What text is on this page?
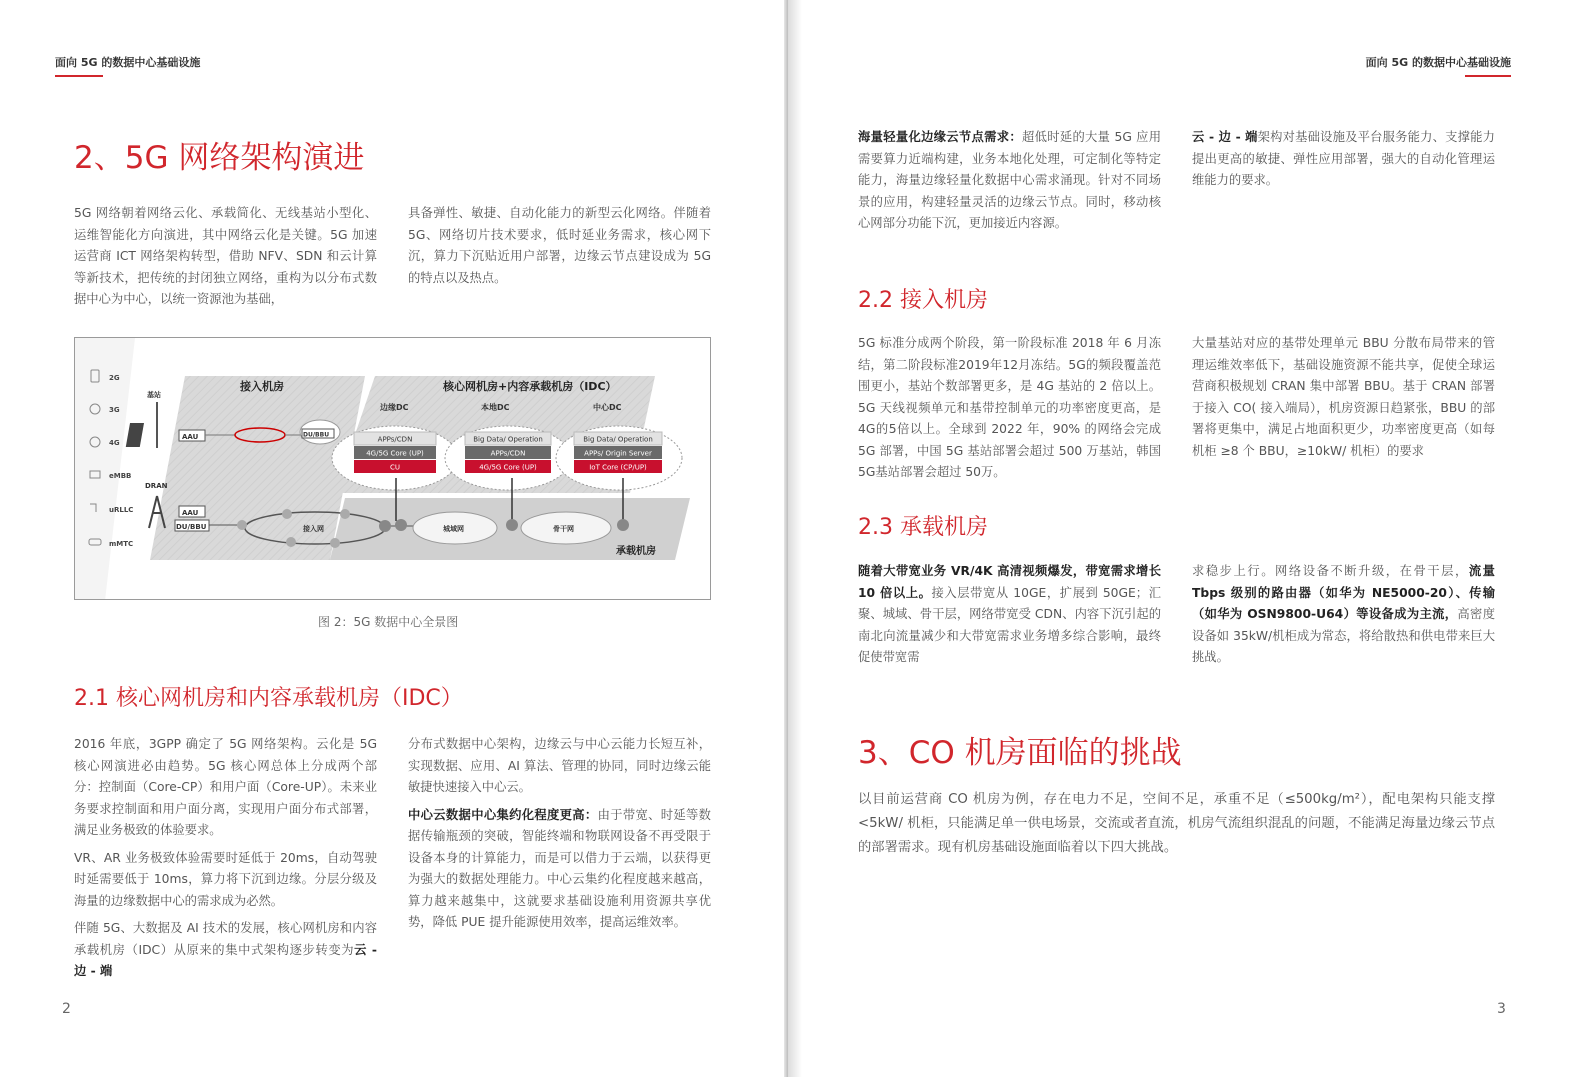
面向 5G 的数据中心基础设施
2、5G 网络架构演进

5G 网络朝着网络云化、承载简化、无线基站小型化、运维智能化方向演进，其中网络云化是关键。5G 加速运营商 ICT 网络架构转型，借助 NFV、SDN 和云计算等新技术，把传统的封闭独立网络，重构为以分布式数据中心为中心，以统一资源池为基础，

具备弹性、敏捷、自动化能力的新型云化网络。伴随着 5G、网络切片技术要求，低时延业务需求，核心网下沉，算力下沉贴近用户部署，边缘云节点建设成为 5G 的特点以及热点。

2G
3G
4G
eMBB
uRLLC
mMTC
基站
DRAN
AAU
AAU
DU/BBU
接入机房
DU/BBU
核心网机房+内容承载机房（IDC）
边缘DC	本地DC	中心DC
APPs/CDN
4G/5G Core (UP)
CU
Big Data/ Operation
APPs/CDN
4G/5G Core (UP)
Big Data/ Operation
APPs/ Origin Server
IoT Core (CP/UP)
接入网	城域网	骨干网
承载机房
图 2：5G 数据中心全景图
2.1 核心网机房和内容承载机房（IDC）

2016 年底，3GPP 确定了 5G 网络架构。云化是 5G 核心网演进必由趋势。5G 核心网总体上分成两个部分：控制面（Core-CP）和用户面（Core-UP）。未来业务要求控制面和用户面分离，实现用户面分布式部署，满足业务极致的体验要求。

VR、AR 业务极致体验需要时延低于 20ms，自动驾驶时延需要低于 10ms，算力将下沉到边缘。分层分级及海量的边缘数据中心的需求成为必然。

伴随 5G、大数据及 AI 技术的发展，核心网机房和内容承载机房（IDC）从原来的集中式架构逐步转变为云 - 边 - 端

分布式数据中心架构，边缘云与中心云能力长短互补，实现数据、应用、AI 算法、管理的协同，同时边缘云能敏捷快速接入中心云。

中心云数据中心集约化程度更高：由于带宽、时延等数据传输瓶颈的突破，智能终端和物联网设备不再受限于设备本身的计算能力，而是可以借力于云端，以获得更为强大的数据处理能力。中心云集约化程度越来越高，算力越来越集中，这就要求基础设施利用资源共享优势，降低 PUE 提升能源使用效率，提高运维效率。

2
面向 5G 的数据中心基础设施

海量轻量化边缘云节点需求：超低时延的大量 5G 应用需要算力近端构建，业务本地化处理，可定制化等特定能力，海量边缘轻量化数据中心需求涌现。针对不同场景的应用，构建轻量灵活的边缘云节点。同时，移动核心网部分功能下沉，更加接近内容源。

云 - 边 - 端架构对基础设施及平台服务能力、支撑能力提出更高的敏捷、弹性应用部署，强大的自动化管理运维能力的要求。

2.2 接入机房

5G 标准分成两个阶段，第一阶段标准 2018 年 6 月冻结，第二阶段标准2019年12月冻结。5G的频段覆盖范围更小，基站个数部署更多，是 4G 基站的 2 倍以上。5G 天线视频单元和基带控制单元的功率密度更高，是4G的5倍以上。全球到 2022 年，90% 的网络会完成 5G 部署，中国 5G 基站部署会超过 500 万基站，韩国 5G基站部署会超过 50万。

大量基站对应的基带处理单元 BBU 分散布局带来的管理运维效率低下，基础设施资源不能共享，促使全球运营商积极规划 CRAN 集中部署 BBU。基于 CRAN 部署于接入 CO( 接入端局），机房资源日趋紧张，BBU 的部署将更集中，满足占地面积更少，功率密度更高（如每机柜 ≥8 个 BBU，≥10kW/ 机柜）的要求

2.3 承载机房

随着大带宽业务 VR/4K 高清视频爆发，带宽需求增长 10 倍以上。接入层带宽从 10GE，扩展到 50GE；汇聚、城域、骨干层，网络带宽受 CDN、内容下沉引起的南北向流量减少和大带宽需求业务增多综合影响，最终促使带宽需

求稳步上行。网络设备不断升级，在骨干层，流量 Tbps 级别的路由器（如华为 NE5000-20）、传输（如华为 OSN9800-U64）等设备成为主流，高密度设备如 35kW/机柜成为常态，将给散热和供电带来巨大挑战。

3、CO 机房面临的挑战

以目前运营商 CO 机房为例，存在电力不足，空间不足，承重不足（≤500kg/m²），配电架构只能支撑 <5kW/ 机柜，只能满足单一供电场景，交流或者直流，机房气流组织混乱的问题，不能满足海量边缘云节点的部署需求。现有机房基础设施面临着以下四大挑战。

3
